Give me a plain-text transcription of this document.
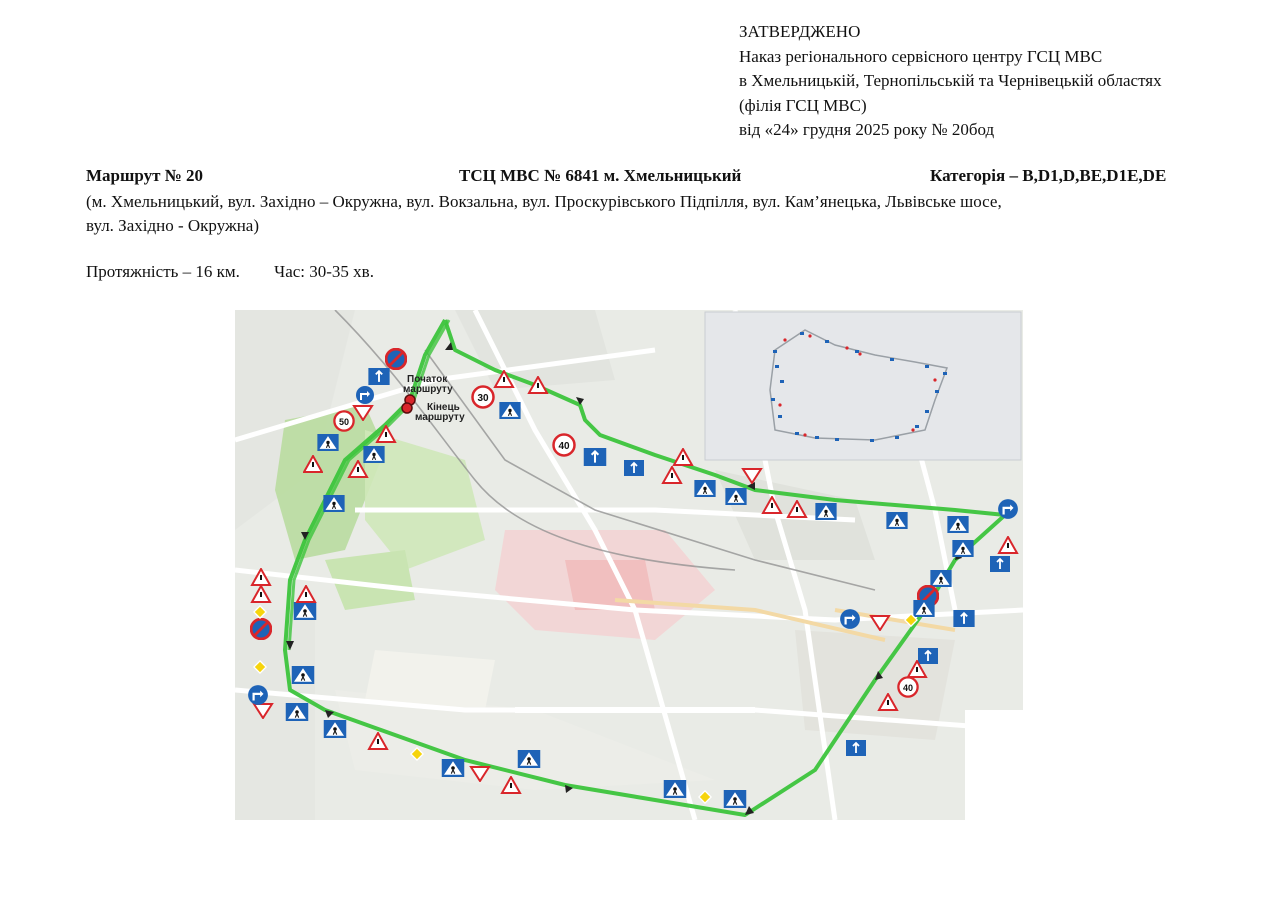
ЗАТВЕРДЖЕНО
Наказ регіонального сервісного центру ГСЦ МВС
в Хмельницькій, Тернопільській та Чернівецькій областях
(філія ГСЦ МВС)
від «24» грудня 2025 року № 20бод
Маршрут № 20	ТСЦ МВС № 6841 м. Хмельницький	Категорія – B,D1,D,BE,D1E,DE
(м. Хмельницький, вул. Західно – Окружна, вул. Вокзальна, вул. Проскурівського Підпілля, вул. Кам’янецька, Львівське шосе,
вул. Західно - Окружна)
Протяжність – 16 км. Час: 30-35 хв.
Початок
маршруту
Кінець
маршруту
30
40
50
40
